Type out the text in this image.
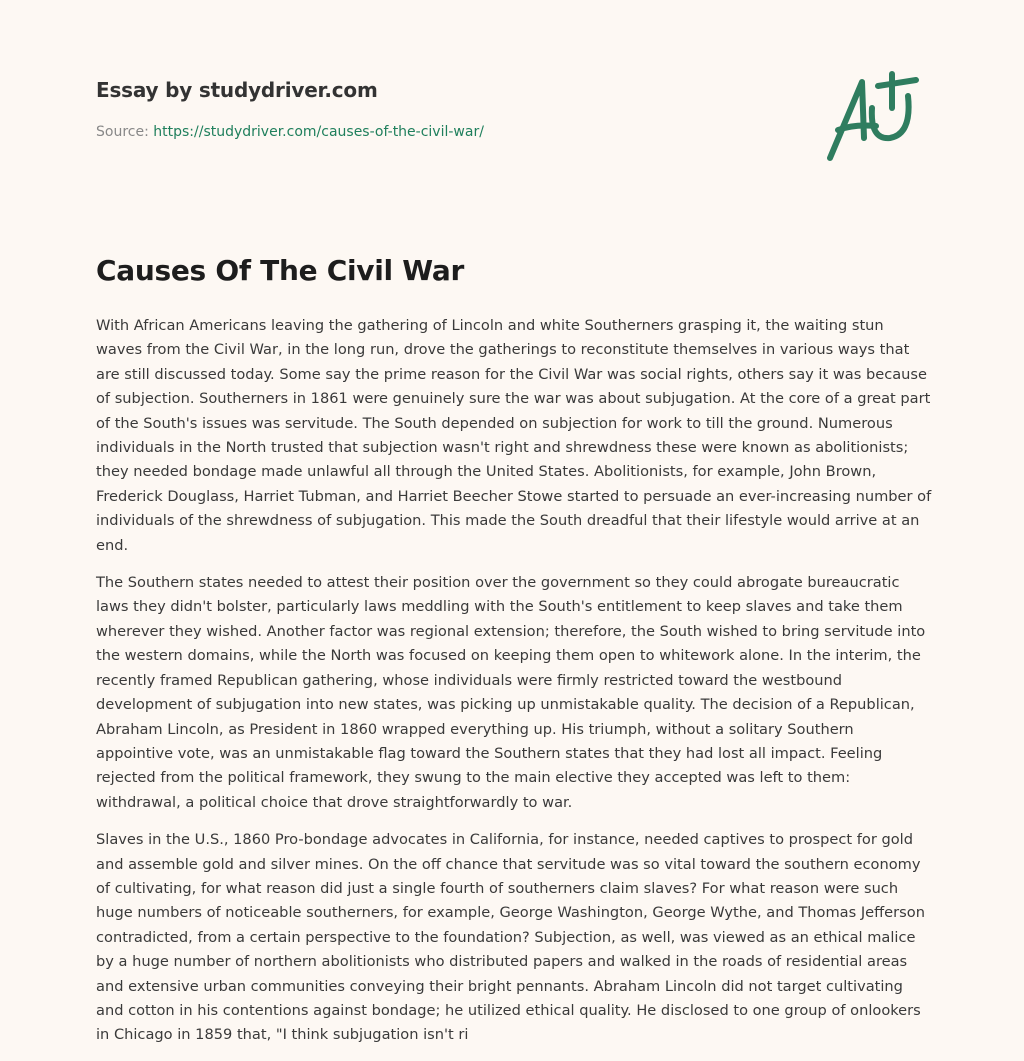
Essay by studydriver.com

Source: https://studydriver.com/causes-of-the-civil-war/
Causes Of The Civil War

With African Americans leaving the gathering of Lincoln and white Southerners grasping it, the waiting stun waves from the Civil War, in the long run, drove the gatherings to reconstitute themselves in various ways that are still discussed today. Some say the prime reason for the Civil War was social rights, others say it was because of subjection. Southerners in 1861 were genuinely sure the war was about subjugation. At the core of a great part of the South's issues was servitude. The South depended on subjection for work to till the ground. Numerous individuals in the North trusted that subjection wasn't right and shrewdness these were known as abolitionists; they needed bondage made unlawful all through the United States. Abolitionists, for example, John Brown, Frederick Douglass, Harriet Tubman, and Harriet Beecher Stowe started to persuade an ever-increasing number of individuals of the shrewdness of subjugation. This made the South dreadful that their lifestyle would arrive at an end.

The Southern states needed to attest their position over the government so they could abrogate bureaucratic laws they didn't bolster, particularly laws meddling with the South's entitlement to keep slaves and take them wherever they wished. Another factor was regional extension; therefore, the South wished to bring servitude into the western domains, while the North was focused on keeping them open to whitework alone. In the interim, the recently framed Republican gathering, whose individuals were firmly restricted toward the westbound development of subjugation into new states, was picking up unmistakable quality. The decision of a Republican, Abraham Lincoln, as President in 1860 wrapped everything up. His triumph, without a solitary Southern appointive vote, was an unmistakable flag toward the Southern states that they had lost all impact. Feeling rejected from the political framework, they swung to the main elective they accepted was left to them: withdrawal, a political choice that drove straightforwardly to war.

Slaves in the U.S., 1860 Pro-bondage advocates in California, for instance, needed captives to prospect for gold and assemble gold and silver mines. On the off chance that servitude was so vital toward the southern economy of cultivating, for what reason did just a single fourth of southerners claim slaves? For what reason were such huge numbers of noticeable southerners, for example, George Washington, George Wythe, and Thomas Jefferson contradicted, from a certain perspective to the foundation? Subjection, as well, was viewed as an ethical malice by a huge number of northern abolitionists who distributed papers and walked in the roads of residential areas and extensive urban communities conveying their bright pennants. Abraham Lincoln did not target cultivating and cotton in his contentions against bondage; he utilized ethical quality. He disclosed to one group of onlookers in Chicago in 1859 that, "I think subjugation isn't ri
